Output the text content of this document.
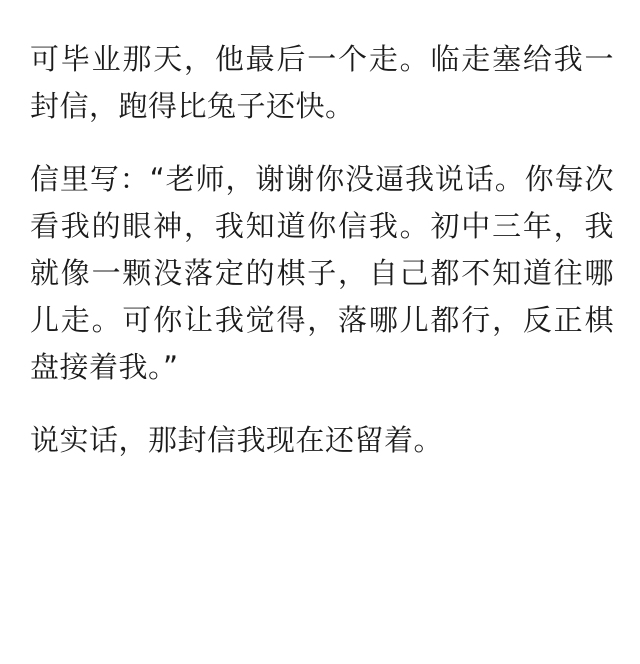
可毕业那天，他最后一个走。临走塞给我一封信，跑得比兔子还快。

信里写：“老师，谢谢你没逼我说话。你每次看我的眼神，我知道你信我。初中三年，我就像一颗没落定的棋子，自己都不知道往哪儿走。可你让我觉得，落哪儿都行，反正棋盘接着我。”

说实话，那封信我现在还留着。
